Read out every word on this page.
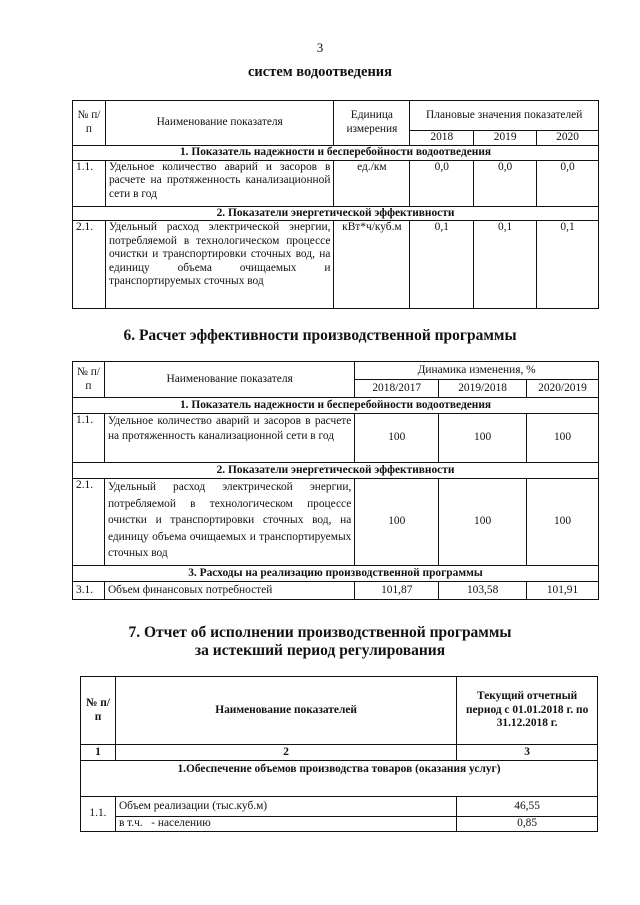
3
систем водоотведения
№ п/п	Наименование показателя	Единица измерения	Плановые значения показателей		
			2018	2019	2020
1. Показатель надежности и бесперебойности водоотведения					
1.1.	Удельное количество аварий и засоров в расчете на протяженность канализационной сети в год	ед./км	0,0	0,0	0,0
2. Показатели энергетической эффективности					
2.1.	Удельный расход электрической энергии, потребляемой в технологическом процессе очистки и транспортировки сточных вод, на единицу объема очищаемых и транспортируемых сточных вод	кВт*ч/куб.м	0,1	0,1	0,1
6. Расчет эффективности производственной программы
№ п/п	Наименование показателя	Динамика изменения, %		
		2018/2017	2019/2018	2020/2019
1. Показатель надежности и бесперебойности водоотведения				
1.1.	Удельное количество аварий и засоров в расчете на протяженность канализационной сети в год	100	100	100
2. Показатели энергетической эффективности				
2.1.	Удельный расход электрической энергии, потребляемой в технологическом процессе очистки и транспортировки сточных вод, на единицу объема очищаемых и транспортируемых сточных вод	100	100	100
3. Расходы на реализацию производственной программы				
3.1.	Объем финансовых потребностей	101,87	103,58	101,91
7. Отчет об исполнении производственной программы
за истекший период регулирования
№ п/п	Наименование показателей	Текущий отчетный период с 01.01.2018 г. по 31.12.2018 г.
1	2	3
1.Обеспечение объемов производства товаров (оказания услуг)		
1.1.	Объем реализации (тыс.куб.м)	46,55
	в т.ч.   - населению	0,85
